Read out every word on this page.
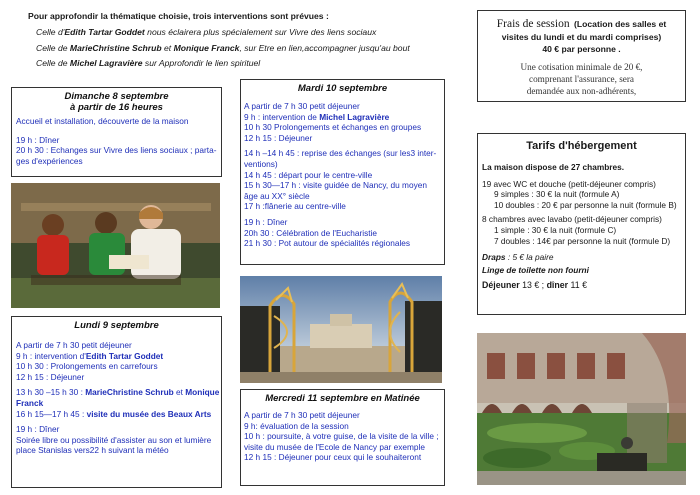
Pour approfondir la thématique choisie, trois interventions sont prévues :
Celle d'Edith Tartar Goddet nous éclairera plus spécialement sur Vivre des liens sociaux
Celle de MarieChristine Schrub et Monique Franck, sur Etre en lien,accompagner jusqu'au bout
Celle de Michel Lagravière sur Approfondir le lien spirituel
Dimanche 8 septembre
à partir de 16 heures
Accueil et installation, découverte de la maison
19 h : Dîner
20 h 30 : Echanges sur Vivre des liens sociaux ; parta-
ges d'expériences
Lundi 9 septembre
A partir de 7 h 30 petit déjeuner
9 h : intervention d'Edith Tartar Goddet
10 h 30 : Prolongements en carrefours
12 h 15 : Déjeuner
13 h 30 –15 h 30 : MarieChristine Schrub et Monique
Franck
16 h 15—17 h 45 : visite du musée des Beaux Arts
19 h : Dîner
Soirée libre ou possibilité d'assister au son et lumière
place Stanislas vers22 h suivant la météo
Mardi 10 septembre
A partir de 7 h 30 petit déjeuner
9 h : intervention de Michel Lagravière
10 h 30 Prolongements et échanges en groupes
12 h 15 : Déjeuner
14 h –14 h 45 : reprise des échanges (sur les3 inter-
ventions)
14 h 45 : départ pour le centre-ville
15 h 30—17 h : visite guidée de Nancy, du moyen
âge au XX° siècle
17 h :flânerie au centre-ville
19 h : Dîner
20h 30 : Célébration de l'Eucharistie
21 h 30 : Pot autour de spécialités régionales
Mercredi 11 septembre en Matinée
A partir de 7 h 30 petit déjeuner
9 h: évaluation de la session
10 h : poursuite, à votre guise, de la visite de la ville ;
visite du musée de l'Ecole de Nancy par exemple
12 h 15 : Déjeuner pour ceux qui le souhaiteront
Frais de session (Location des salles et
visites du lundi et du mardi comprises)
40 € par personne .
Une cotisation minimale de 20 €,
comprenant l'assurance, sera
demandée aux non-adhérents,
Tarifs d'hébergement
La maison dispose de 27 chambres.
19 avec WC et douche (petit-déjeuner compris)
9 simples : 30 € la nuit (formule A)
10 doubles : 20 € par personne la nuit (formule B)
8 chambres avec lavabo (petit-déjeuner compris)
1 simple : 30 € la nuit (formule C)
7 doubles : 14€ par personne la nuit (formule D)
Draps : 5 € la paire
Linge de toilette non fourni
Déjeuner 13 € ; dîner 11 €
